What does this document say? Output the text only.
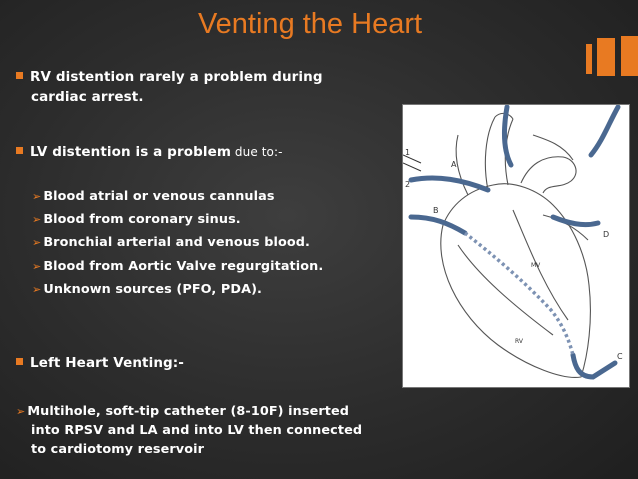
Venting the Heart
RV distention rarely a problem during
cardiac arrest.
LV distention is a problem due to:-
➢ Blood atrial or venous cannulas
➢ Blood from coronary sinus.
➢ Bronchial arterial and venous blood.
➢ Blood from Aortic Valve regurgitation.
➢ Unknown sources (PFO, PDA).
Left Heart Venting:-
➢ Multihole, soft-tip catheter (8-10F) inserted
into RPSV and LA and into LV then connected
to cardiotomy reservoir
1
2
A
B
C
D
MV
RV
